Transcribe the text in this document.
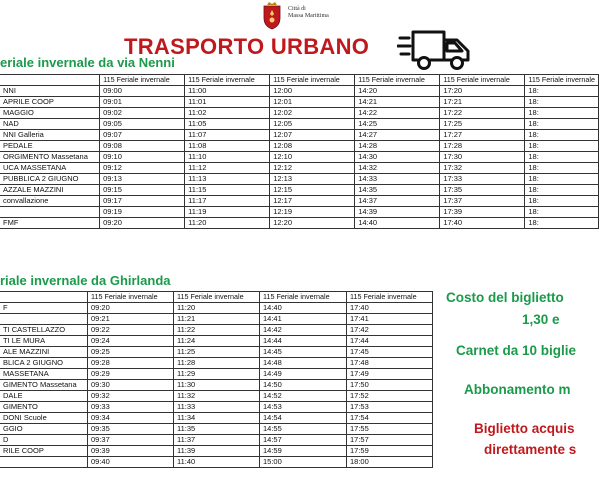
Città di
Massa Marittima
TRASPORTO URBANO
eriale invernale da via Nenni
	115 Feriale invernale	115 Feriale invernale	115 Feriale invernale	115 Feriale invernale	115 Feriale invernale	115 Feriale invernale
NNI	09:00	11:00	12:00	14:20	17:20	18:
APRILE COOP	09:01	11:01	12:01	14:21	17:21	18:
MAGGIO	09:02	11:02	12:02	14:22	17:22	18:
NAD	09:05	11:05	12:05	14:25	17:25	18:
NNI Galleria	09:07	11:07	12:07	14:27	17:27	18:
PEDALE	09:08	11:08	12:08	14:28	17:28	18:
ORGIMENTO Massetana	09:10	11:10	12:10	14:30	17:30	18:
UCA MASSETANA	09:12	11:12	12:12	14:32	17:32	18:
PUBBLICA 2 GIUGNO	09:13	11:13	12:13	14:33	17:33	18:
AZZALE MAZZINI	09:15	11:15	12:15	14:35	17:35	18:
convallazione	09:17	11:17	12:17	14:37	17:37	18:
	09:19	11:19	12:19	14:39	17:39	18:
FMF	09:20	11:20	12:20	14:40	17:40	18:
riale invernale da Ghirlanda
	115 Feriale invernale	115 Feriale invernale	115 Feriale invernale	115 Feriale invernale
F	09:20	11:20	14:40	17:40
	09:21	11:21	14:41	17:41
TI CASTELLAZZO	09:22	11:22	14:42	17:42
TI LE MURA	09:24	11:24	14:44	17:44
ALE MAZZINI	09:25	11:25	14:45	17:45
BLICA 2 GIUGNO	09:28	11:28	14:48	17:48
MASSETANA	09:29	11:29	14:49	17:49
GIMENTO Massetana	09:30	11:30	14:50	17:50
DALE	09:32	11:32	14:52	17:52
GIMENTO	09:33	11:33	14:53	17:53
DONI Scuole	09:34	11:34	14:54	17:54
GGIO	09:35	11:35	14:55	17:55
D	09:37	11:37	14:57	17:57
RILE COOP	09:39	11:39	14:59	17:59
	09:40	11:40	15:00	18:00
Costo del biglietto
1,30 e
Carnet da 10 biglie
Abbonamento m
Biglietto acquis
direttamente s
